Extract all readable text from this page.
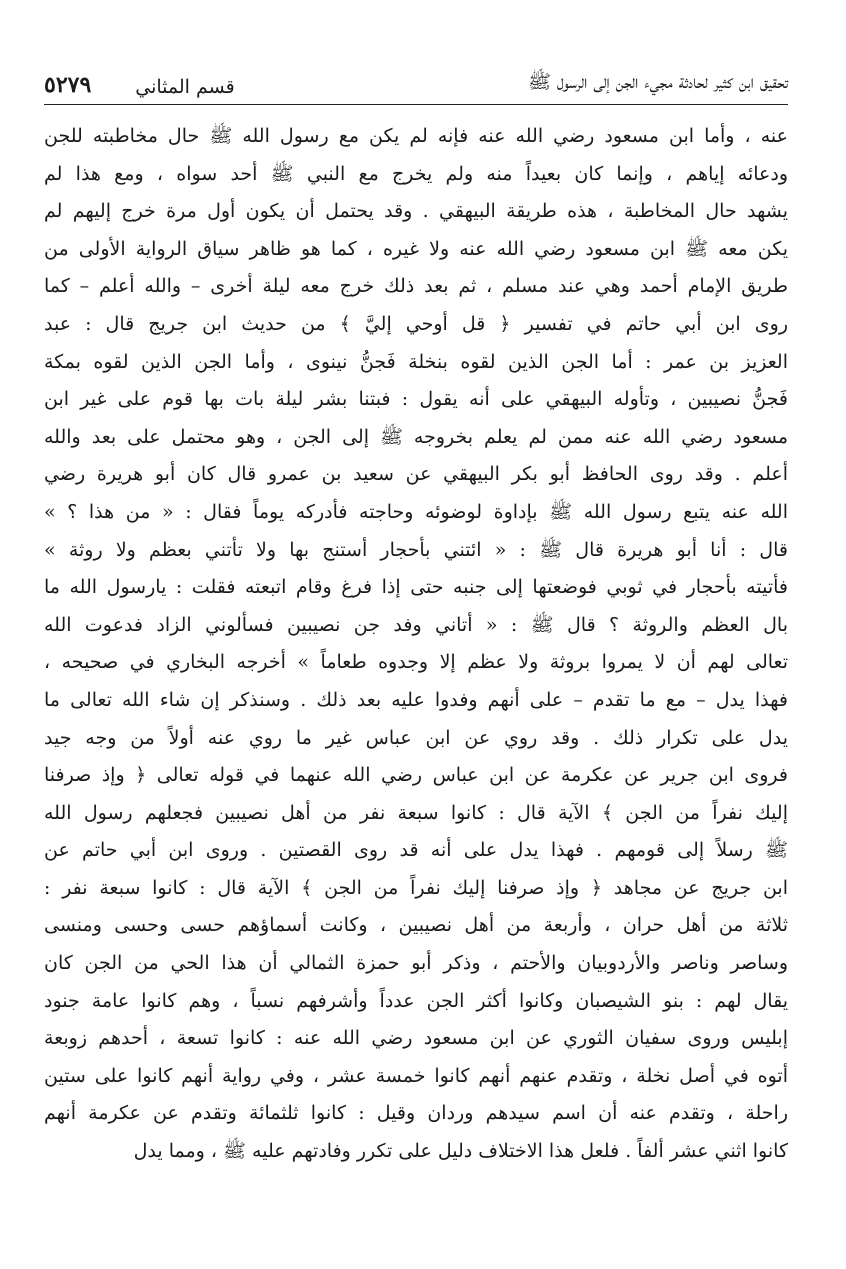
تحقيق ابن كثير لحادثة مجيء الجن إلى الرسول ﷺ
قسم المثاني
٥٢٧٩
عنه ، وأما ابن مسعود رضي الله عنه فإنه لم يكن مع رسول الله ﷺ حال مخاطبته للجن
ودعائه إياهم ، وإنما كان بعيداً منه ولم يخرج مع النبي ﷺ أحد سواه ، ومع هذا لم
يشهد حال المخاطبة ، هذه طريقة البيهقي . وقد يحتمل أن يكون أول مرة خرج إليهم لم
يكن معه ﷺ ابن مسعود رضي الله عنه ولا غيره ، كما هو ظاهر سياق الرواية الأولى من
طريق الإمام أحمد وهي عند مسلم ، ثم بعد ذلك خرج معه ليلة أخرى – والله أعلم – كما
روى ابن أبي حاتم في تفسير ﴿ قل أوحي إليَّ ﴾ من حديث ابن جريج قال : عبد
العزيز بن عمر : أما الجن الذين لقوه بنخلة فَجنُّ نينوى ، وأما الجن الذين لقوه بمكة
فَجنُّ نصيبين ، وتأوله البيهقي على أنه يقول : فبتنا بشر ليلة بات بها قوم على غير ابن
مسعود رضي الله عنه ممن لم يعلم بخروجه ﷺ إلى الجن ، وهو محتمل على بعد والله
أعلم . وقد روى الحافظ أبو بكر البيهقي عن سعيد بن عمرو قال كان أبو هريرة رضي
الله عنه يتبع رسول الله ﷺ بإداوة لوضوئه وحاجته فأدركه يوماً فقال : « من هذا ؟ »
قال : أنا أبو هريرة قال ﷺ : « ائتني بأحجار أستنج بها ولا تأتني بعظم ولا روثة »
فأتيته بأحجار في ثوبي فوضعتها إلى جنبه حتى إذا فرغ وقام اتبعته فقلت : يارسول الله ما
بال العظم والروثة ؟ قال ﷺ : « أتاني وفد جن نصيبين فسألوني الزاد فدعوت الله
تعالى لهم أن لا يمروا بروثة ولا عظم إلا وجدوه طعاماً » أخرجه البخاري في صحيحه ،
فهذا يدل – مع ما تقدم – على أنهم وفدوا عليه بعد ذلك . وسنذكر إن شاء الله تعالى ما
يدل على تكرار ذلك . وقد روي عن ابن عباس غير ما روي عنه أولاً من وجه جيد
فروى ابن جرير عن عكرمة عن ابن عباس رضي الله عنهما في قوله تعالى ﴿ وإذ صرفنا
إليك نفراً من الجن ﴾ الآية قال : كانوا سبعة نفر من أهل نصيبين فجعلهم رسول الله
ﷺ رسلاً إلى قومهم . فهذا يدل على أنه قد روى القصتين . وروى ابن أبي حاتم عن
ابن جريج عن مجاهد ﴿ وإذ صرفنا إليك نفراً من الجن ﴾ الآية قال : كانوا سبعة نفر :
ثلاثة من أهل حران ، وأربعة من أهل نصيبين ، وكانت أسماؤهم حسى وحسى ومنسى
وساصر وناصر والأردوبيان والأحتم ، وذكر أبو حمزة الثمالي أن هذا الحي من الجن كان
يقال لهم : بنو الشيصبان وكانوا أكثر الجن عدداً وأشرفهم نسباً ، وهم كانوا عامة جنود
إبليس وروى سفيان الثوري عن ابن مسعود رضي الله عنه : كانوا تسعة ، أحدهم زوبعة
أتوه في أصل نخلة ، وتقدم عنهم أنهم كانوا خمسة عشر ، وفي رواية أنهم كانوا على ستين
راحلة ، وتقدم عنه أن اسم سيدهم وردان وقيل : كانوا ثلثمائة وتقدم عن عكرمة أنهم
كانوا اثني عشر ألفاً . فلعل هذا الاختلاف دليل على تكرر وفادتهم عليه ﷺ ، ومما يدل
